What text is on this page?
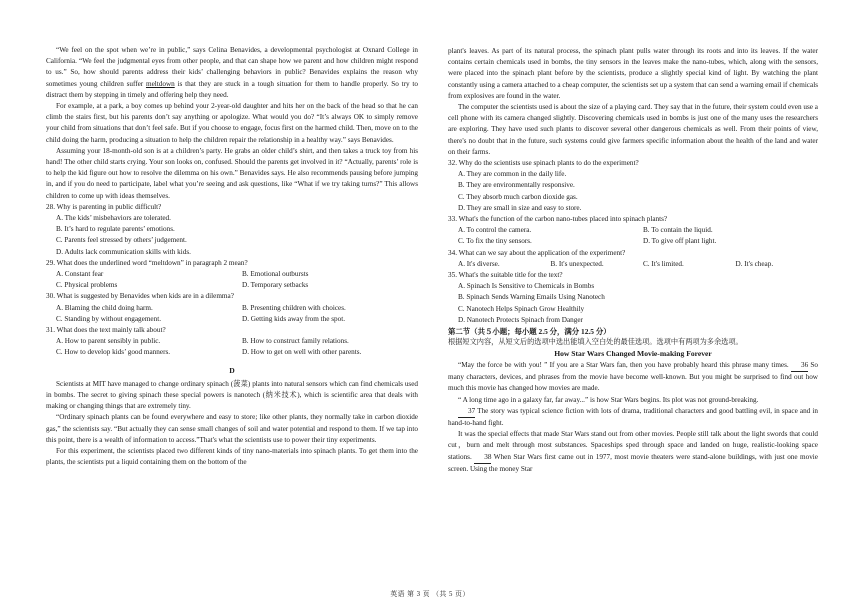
“We feel on the spot when we’re in public,” says Celina Benavides, a developmental psychologist at Oxnard College in California. “We feel the judgmental eyes from other people, and that can shape how we parent and how children might respond to us.” So, how should parents address their kids’ challenging behaviors in public? Benavides explains the reason why sometimes young children suffer meltdown is that they are stuck in a tough situation for them to handle properly. So try to distract them by stepping in timely and offering help they need.

For example, at a park, a boy comes up behind your 2-year-old daughter and hits her on the back of the head so that he can climb the stairs first, but his parents don’t say anything or apologize. What would you do? “It’s always OK to simply remove your child from situations that don’t feel safe. But if you choose to engage, focus first on the harmed child. Then, move on to the child doing the harm, producing a situation to help the children repair the relationship in a healthy way.” says Benavides.

Assuming your 18-month-old son is at a children’s party. He grabs an older child’s shirt, and then takes a truck toy from his hand! The other child starts crying. Your son looks on, confused. Should the parents get involved in it? “Actually, parents’ role is to help the kid figure out how to resolve the dilemma on his own.” Benavides says. He also recommends pausing before jumping in, and if you do need to participate, label what you’re seeing and ask questions, like “What if we try taking turns?” This allows children to come up with ideas themselves.

28. Why is parenting in public difficult?

A. The kids’ misbehaviors are tolerated.
B. It’s hard to regulate parents’ emotions.
C. Parents feel stressed by others’ judgement.
D. Adults lack communication skills with kids.

29. What does the underlined word “meltdown” in paragraph 2 mean?

A. Constant fear	B. Emotional outbursts
C. Physical problems	D. Temporary setbacks

30. What is suggested by Benavides when kids are in a dilemma?

A. Blaming the child doing harm.	B. Presenting children with choices.
C. Standing by without engagement.	D. Getting kids away from the spot.

31. What does the text mainly talk about?

A. How to parent sensibly in public.	B. How to construct family relations.
C. How to develop kids’ good manners.	D. How to get on well with other parents.
D

Scientists at MIT have managed to change ordinary spinach (菠菜) plants into natural sensors which can find chemicals used in bombs. The secret to giving spinach these special powers is nanotech (纳米技术), which is scientific area that deals with making or changing things that are extremely tiny.

“Ordinary spinach plants can be found everywhere and easy to store; like other plants, they normally take in carbon dioxide gas,” the scientists say. “But actually they can sense small changes of soil and water potential and respond to them. If we tap into this point, there is a wealth of information to access.”That's what the scientists use to power their tiny experiments.

For this experiment, the scientists placed two different kinds of tiny nano-materials into spinach plants. To get them into the plants, the scientists put a liquid containing them on the bottom of the

plant's leaves. As part of its natural process, the spinach plant pulls water through its roots and into its leaves. If the water contains certain chemicals used in bombs, the tiny sensors in the leaves make the nano-tubes, which, along with the sensors, were placed into the spinach plant before by the scientists, produce a slightly special kind of light. By watching the plant constantly using a camera attached to a cheap computer, the scientists set up a system that can send a warning email if chemicals from explosives are found in the water.

The computer the scientists used is about the size of a playing card. They say that in the future, their system could even use a cell phone with its camera changed slightly. Discovering chemicals used in bombs is just one of the many uses the researchers are exploring. They have used such plants to discover several other dangerous chemicals as well. From their points of view, there's no doubt that in the future, such systems could give farmers specific information about the health of the land and water on their farms.

32. Why do the scientists use spinach plants to do the experiment?

A. They are common in the daily life.
B. They are environmentally responsive.
C. They absorb much carbon dioxide gas.
D. They are small in size and easy to store.

33. What's the function of the carbon nano-tubes placed into spinach plants?

A. To control the camera.	B. To contain the liquid.
C. To fix the tiny sensors.	D. To give off plant light.

34. What can we say about the application of the experiment?

A. It's diverse.	B. It's unexpected.	C. It's limited.	D. It's cheap.

35. What's the suitable title for the text?

A. Spinach Is Sensitive to Chemicals in Bombs
B. Spinach Sends Warning Emails Using Nanotech
C. Nanotech Helps Spinach Grow Healthily
D. Nanotech Protects Spinach from Danger
第二节（共５小题；每小题 2.5 分，满分 12.5 分）

根据短文内容，从短文后的选项中选出能填入空白处的最佳选项。选项中有两项为多余选项。

How Star Wars Changed Movie-making Forever

“May the force be with you! ” If you are a Star Wars fan, then you have probably heard this phrase many times. 36 So many characters, devices, and phrases from the movie have become well-known. But you might be surprised to find out how much this movie has changed how movies are made.

“ A long time ago in a galaxy far, far away...” is how Star Wars begins. Its plot was not ground-breaking.

37 The story was typical science fiction with lots of drama, traditional characters and good battling evil, in space and in hand-to-hand fight.

It was the special effects that made Star Wars stand out from other movies. People still talk about the light swords that could cut，burn and melt through most substances. Spaceships sped through space and landed on huge, realistic-looking space stations. 38 When Star Wars first came out in 1977, most movie theaters were stand-alone buildings, with just one movie screen. Using the money Star

英语 第 3 页 （共 5 页）
